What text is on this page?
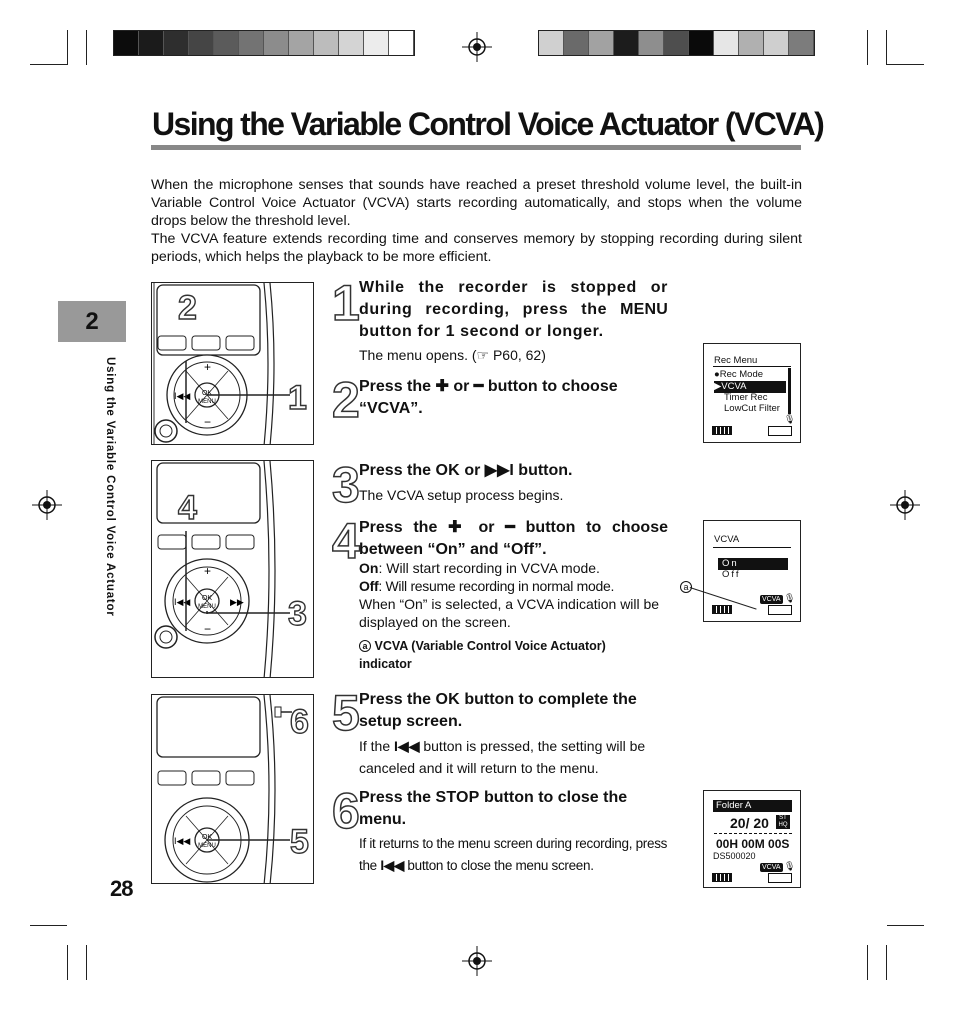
Using the Variable Control Voice Actuator (VCVA)

When the microphone senses that sounds have reached a preset threshold volume level, the built-in Variable Control Voice Actuator (VCVA) starts recording automatically, and stops when the volume drops below the threshold level.

The VCVA feature extends recording time and conserves memory by stopping recording during silent periods, which helps the playback to be more efficient.

2
Using the Variable Control Voice Actuator
28
OK
MENU
+
−
I◀◀
2
1
OK
MENU
+
−
I◀◀	▶▶
4
3
OK
MENU
I◀◀
6
5
1
2
3
4
5
6
While the recorder is stopped or during recording, press the MENU button for 1 second or longer.
The menu opens. (☞ P60, 62)
Press the ✚ or ━ button to choose “VCVA”.
Press the OK or ▶▶I button.
The VCVA setup process begins.
Press the ✚ or ━ button to choose between “On” and “Off”.
On: Will start recording in VCVA mode.
Off: Will resume recording in normal mode.
When “On” is selected, a VCVA indication will be displayed on the screen.
a VCVA (Variable Control Voice Actuator) indicator
Press the OK button to complete the setup screen.
If the I◀◀ button is pressed, the setting will be canceled and it will return to the menu.
Press the STOP button to close the menu.
If it returns to the menu screen during recording, press the I◀◀ button to close the menu screen.
Rec Menu
●Rec Mode
▶VCVA
Timer Rec
LowCut Filter
🎙
VCVA
On
Off
VCVA 🎙
a
Folder A
20/ 20	ST HQ
00H 00M 00S
DS500020
VCVA 🎙
